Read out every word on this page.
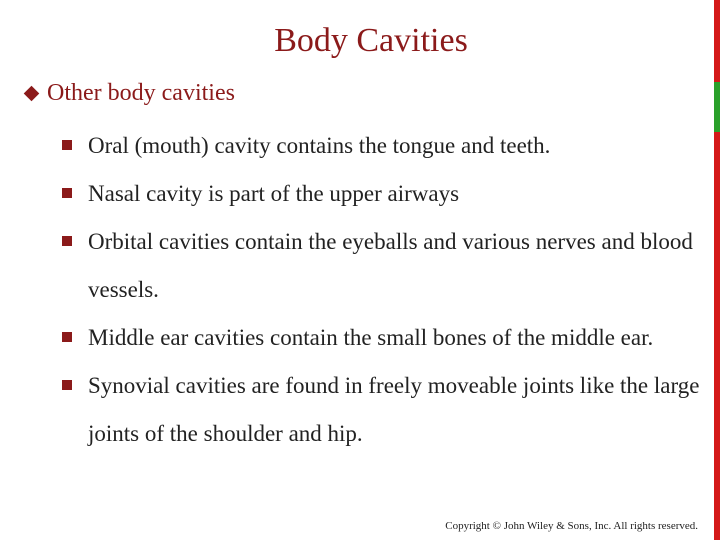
Body Cavities
Other body cavities
Oral (mouth) cavity contains the tongue and teeth.
Nasal cavity is part of the upper airways
Orbital cavities contain the eyeballs and various nerves and blood vessels.
Middle ear cavities contain the small bones of the middle ear.
Synovial cavities are found in freely moveable joints like the large joints of the shoulder and hip.
Copyright © John Wiley & Sons, Inc. All rights reserved.
